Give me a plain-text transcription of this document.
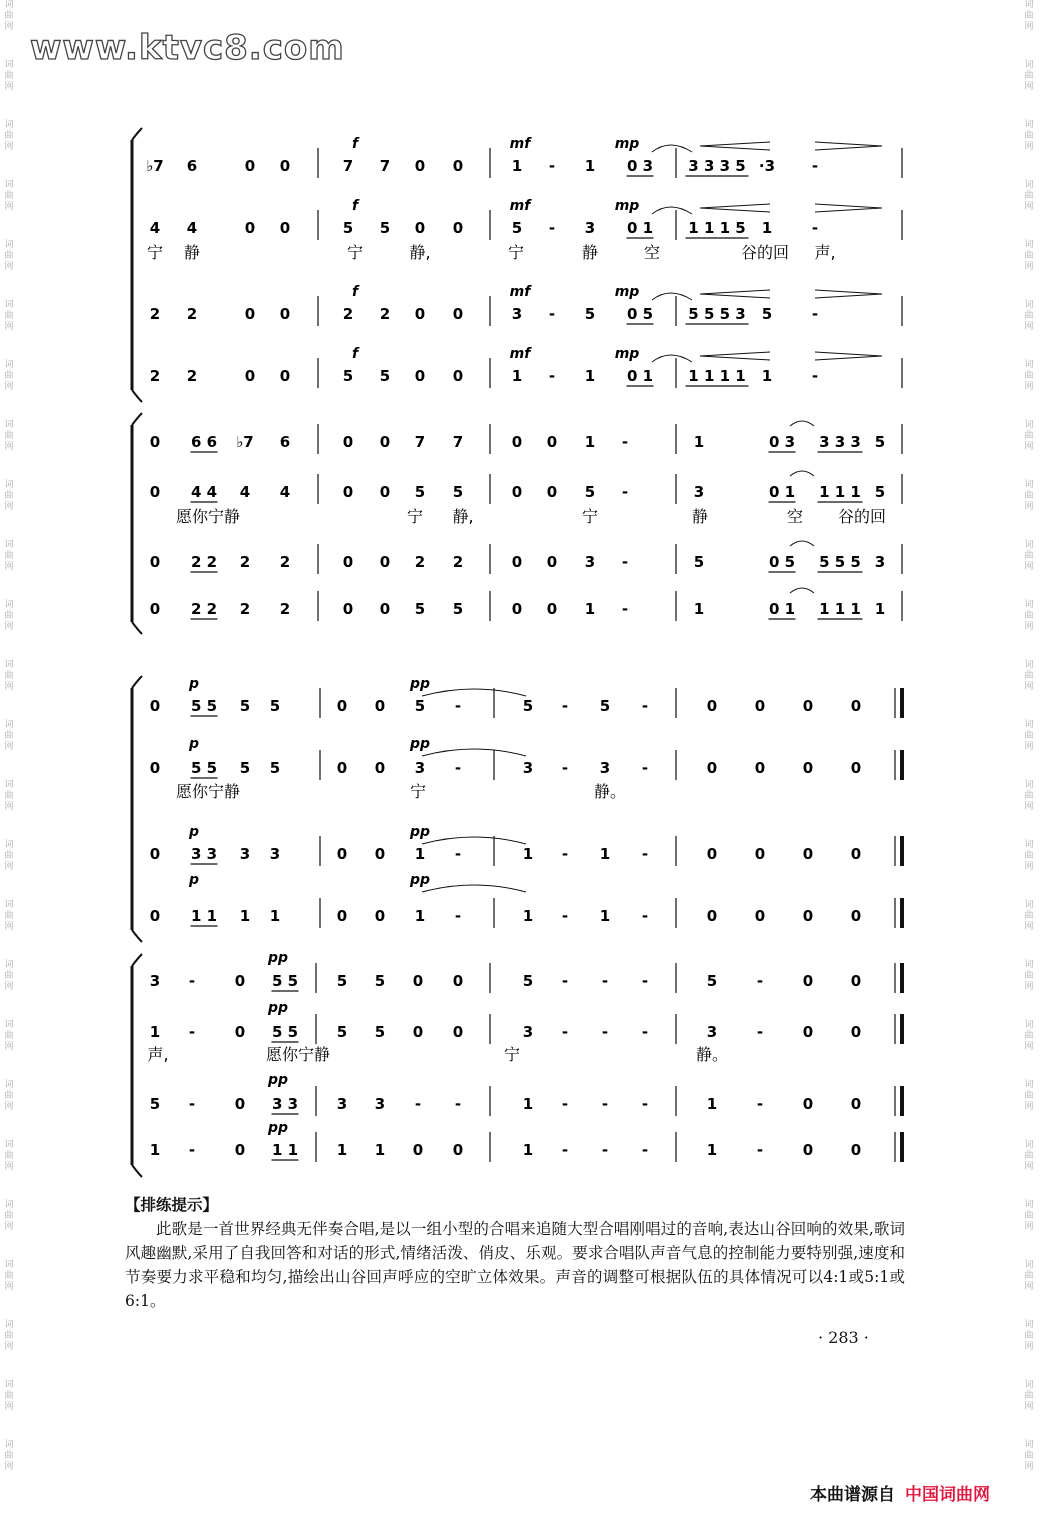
www.ktvc8.com
词曲网
词曲网
词曲网
词曲网
词曲网
词曲网
词曲网
词曲网
词曲网
词曲网
词曲网
词曲网
词曲网
词曲网
词曲网
词曲网
词曲网
词曲网
词曲网
词曲网
词曲网
词曲网
词曲网
词曲网
词曲网
词曲网
词曲网
词曲网
词曲网
词曲网
词曲网
词曲网
词曲网
词曲网
词曲网
词曲网
词曲网
词曲网
词曲网
词曲网
词曲网
词曲网
词曲网
词曲网
词曲网
词曲网
词曲网
词曲网
词曲网
词曲网
♭7 6	0 0	7 7 0 0	1 - 1 0 3 3 3 3 5 ·3 -
f	mf	mp
4 4	0 0	5 5 0 0	5 - 3 0 1 1 1 1 5 1	-
f	mf	mp
宁 静	宁	静,	宁	静	空	谷的回 声,
2 2	0 0	2 2 0 0	3 - 5 0 5 5 5 5 3 5	-
f	mf	mp
2 2	0 0	5 5 0 0	1 - 1 0 1 1 1 1 1 1	-
f	mf	mp
0 6 6 ♭7 6	0 0 7 7	0 0 1 -	1	0 3 3 3 3 5
0 4 4 4 4	0 0 5 5	0 0 5 -	3	0 1 1 1 1 5
愿你宁静	宁 静,	宁	静	空 谷的回
0 2 2 2 2	0 0 2 2	0 0 3 -	5	0 5 5 5 5 3
0 2 2 2 2	0 0 5 5	0 0 1 -	1	0 1 1 1 1 1
0 5 5 5 5	0 0 5 -	5 - 5 -	0	0	0	0
p	pp
0 5 5 5 5	0 0 3 -	3 - 3 -	0	0	0	0
p	pp
愿你宁静	宁	静。
0 3 3 3 3	0 0 1 -	1 - 1 -	0	0	0	0
p	pp
0 1 1 1 1	0 0 1 -	1 - 1 -	0	0	0	0
p	pp
3 -	0 5 5	5 5 0 0	5 - - -	5	-	0	0
pp
1 -	0 5 5	5 5 0 0	3 - - -	3	-	0	0
pp
声,	愿你宁静	宁	静。
5 -	0 3 3	3 3 - -	1 - - -	1	-	0	0
pp
1 -	0 1 1	1 1 0 0	1 - - -	1	-	0	0
pp
【排练提示】
此歌是一首世界经典无伴奏合唱,是以一组小型的合唱来追随大型合唱刚唱过的音响,表达山谷回响的效果,歌词风趣幽默,采用了自我回答和对话的形式,情绪活泼、俏皮、乐观。要求合唱队声音气息的控制能力要特别强,速度和节奏要力求平稳和均匀,描绘出山谷回声呼应的空旷立体效果。声音的调整可根据队伍的具体情况可以4:1或5:1或6:1。
· 283 ·
本曲谱源自 中国词曲网
